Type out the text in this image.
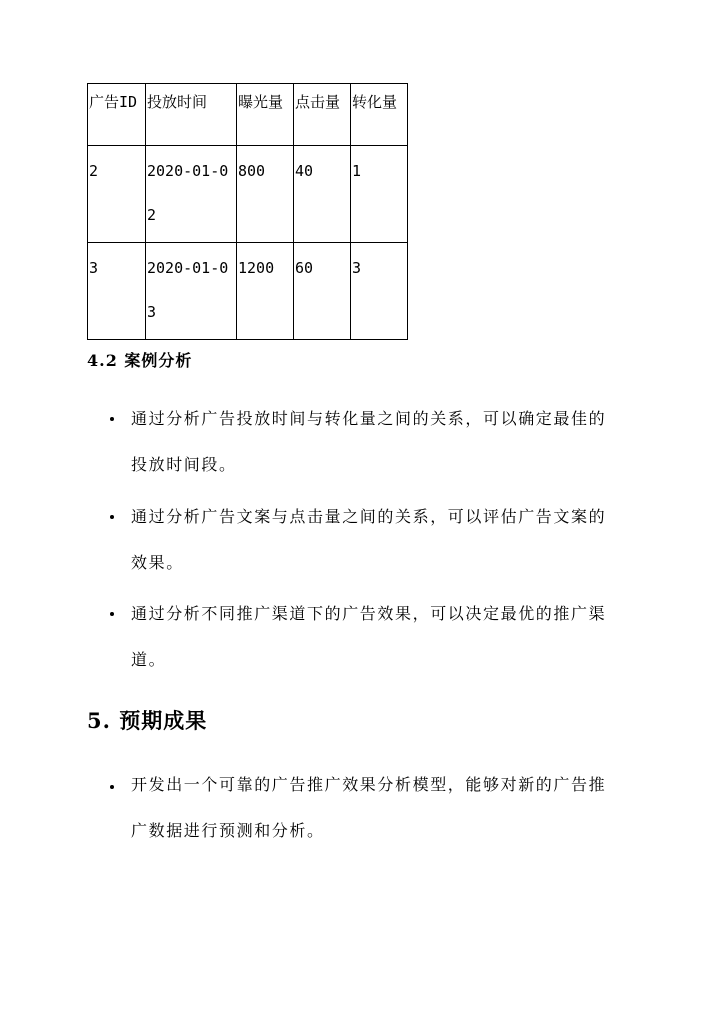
广告ID	投放时间	曝光量	点击量	转化量
2	2020-01-02	800	40	1
3	2020-01-03	1200	60	3
4.2 案例分析
通过分析广告投放时间与转化量之间的关系，可以确定最佳的投放时间段。
通过分析广告文案与点击量之间的关系，可以评估广告文案的效果。
通过分析不同推广渠道下的广告效果，可以决定最优的推广渠道。
5. 预期成果
开发出一个可靠的广告推广效果分析模型，能够对新的广告推广数据进行预测和分析。
